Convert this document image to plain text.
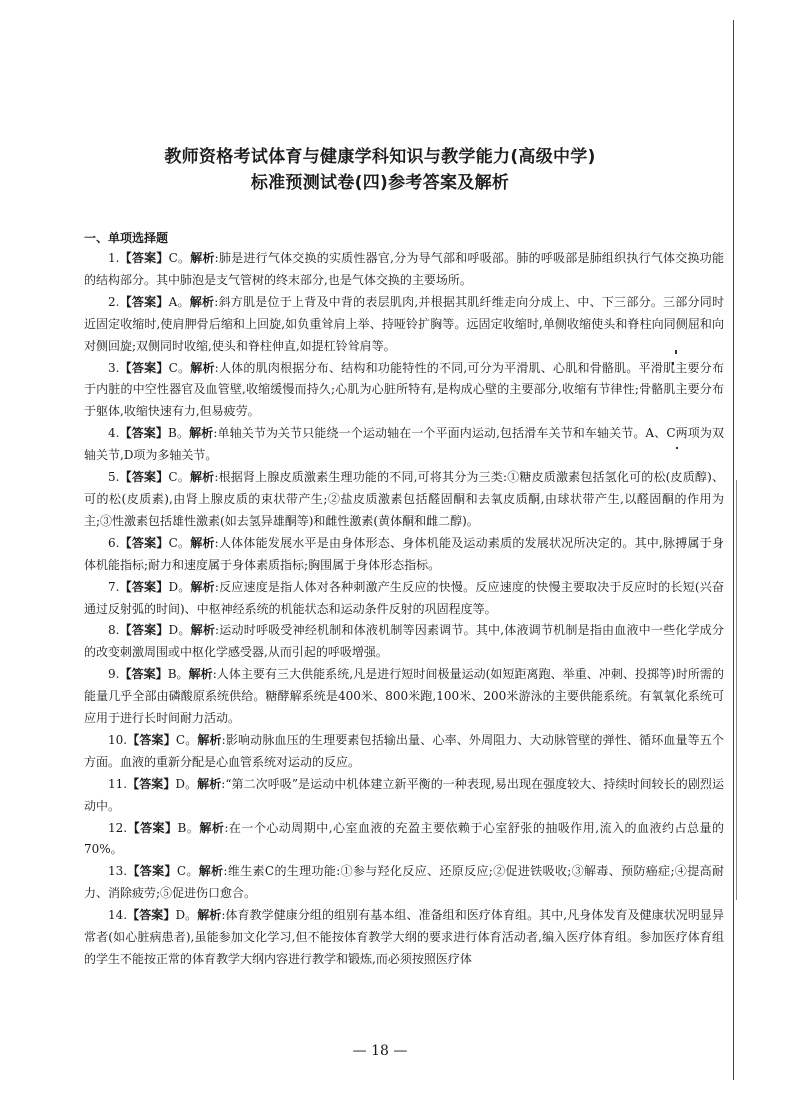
教师资格考试体育与健康学科知识与教学能力(高级中学)
标准预测试卷(四)参考答案及解析
一、单项选择题

1.【答案】C。解析:肺是进行气体交换的实质性器官,分为导气部和呼吸部。肺的呼吸部是肺组织执行气体交换功能的结构部分。其中肺泡是支气管树的终末部分,也是气体交换的主要场所。

2.【答案】A。解析:斜方肌是位于上背及中背的表层肌肉,并根据其肌纤维走向分成上、中、下三部分。三部分同时近固定收缩时,使肩胛骨后缩和上回旋,如负重耸肩上举、持哑铃扩胸等。远固定收缩时,单侧收缩使头和脊柱向同侧屈和向对侧回旋;双侧同时收缩,使头和脊柱伸直,如提杠铃耸肩等。

3.【答案】C。解析:人体的肌肉根据分布、结构和功能特性的不同,可分为平滑肌、心肌和骨骼肌。平滑肌主要分布于内脏的中空性器官及血管壁,收缩缓慢而持久;心肌为心脏所特有,是构成心壁的主要部分,收缩有节律性;骨骼肌主要分布于躯体,收缩快速有力,但易疲劳。

4.【答案】B。解析:单轴关节为关节只能绕一个运动轴在一个平面内运动,包括滑车关节和车轴关节。A、C两项为双轴关节,D项为多轴关节。

5.【答案】C。解析:根据肾上腺皮质激素生理功能的不同,可将其分为三类:①糖皮质激素包括氢化可的松(皮质醇)、可的松(皮质素),由肾上腺皮质的束状带产生;②盐皮质激素包括醛固酮和去氧皮质酮,由球状带产生,以醛固酮的作用为主;③性激素包括雄性激素(如去氢异雄酮等)和雌性激素(黄体酮和雌二醇)。

6.【答案】C。解析:人体体能发展水平是由身体形态、身体机能及运动素质的发展状况所决定的。其中,脉搏属于身体机能指标;耐力和速度属于身体素质指标;胸围属于身体形态指标。

7.【答案】D。解析:反应速度是指人体对各种刺激产生反应的快慢。反应速度的快慢主要取决于反应时的长短(兴奋通过反射弧的时间)、中枢神经系统的机能状态和运动条件反射的巩固程度等。

8.【答案】D。解析:运动时呼吸受神经机制和体液机制等因素调节。其中,体液调节机制是指由血液中一些化学成分的改变刺激周围或中枢化学感受器,从而引起的呼吸增强。

9.【答案】B。解析:人体主要有三大供能系统,凡是进行短时间极量运动(如短距离跑、举重、冲刺、投掷等)时所需的能量几乎全部由磷酸原系统供给。糖酵解系统是400米、800米跑,100米、200米游泳的主要供能系统。有氧氧化系统可应用于进行长时间耐力活动。

10.【答案】C。解析:影响动脉血压的生理要素包括输出量、心率、外周阻力、大动脉管壁的弹性、循环血量等五个方面。血液的重新分配是心血管系统对运动的反应。

11.【答案】D。解析:“第二次呼吸”是运动中机体建立新平衡的一种表现,易出现在强度较大、持续时间较长的剧烈运动中。

12.【答案】B。解析:在一个心动周期中,心室血液的充盈主要依赖于心室舒张的抽吸作用,流入的血液约占总量的70%。

13.【答案】C。解析:维生素C的生理功能:①参与羟化反应、还原反应;②促进铁吸收;③解毒、预防癌症;④提高耐力、消除疲劳;⑤促进伤口愈合。

14.【答案】D。解析:体育教学健康分组的组别有基本组、准备组和医疗体育组。其中,凡身体发育及健康状况明显异常者(如心脏病患者),虽能参加文化学习,但不能按体育教学大纲的要求进行体育活动者,编入医疗体育组。参加医疗体育组的学生不能按正常的体育教学大纲内容进行教学和锻炼,而必须按照医疗体

— 18 —
